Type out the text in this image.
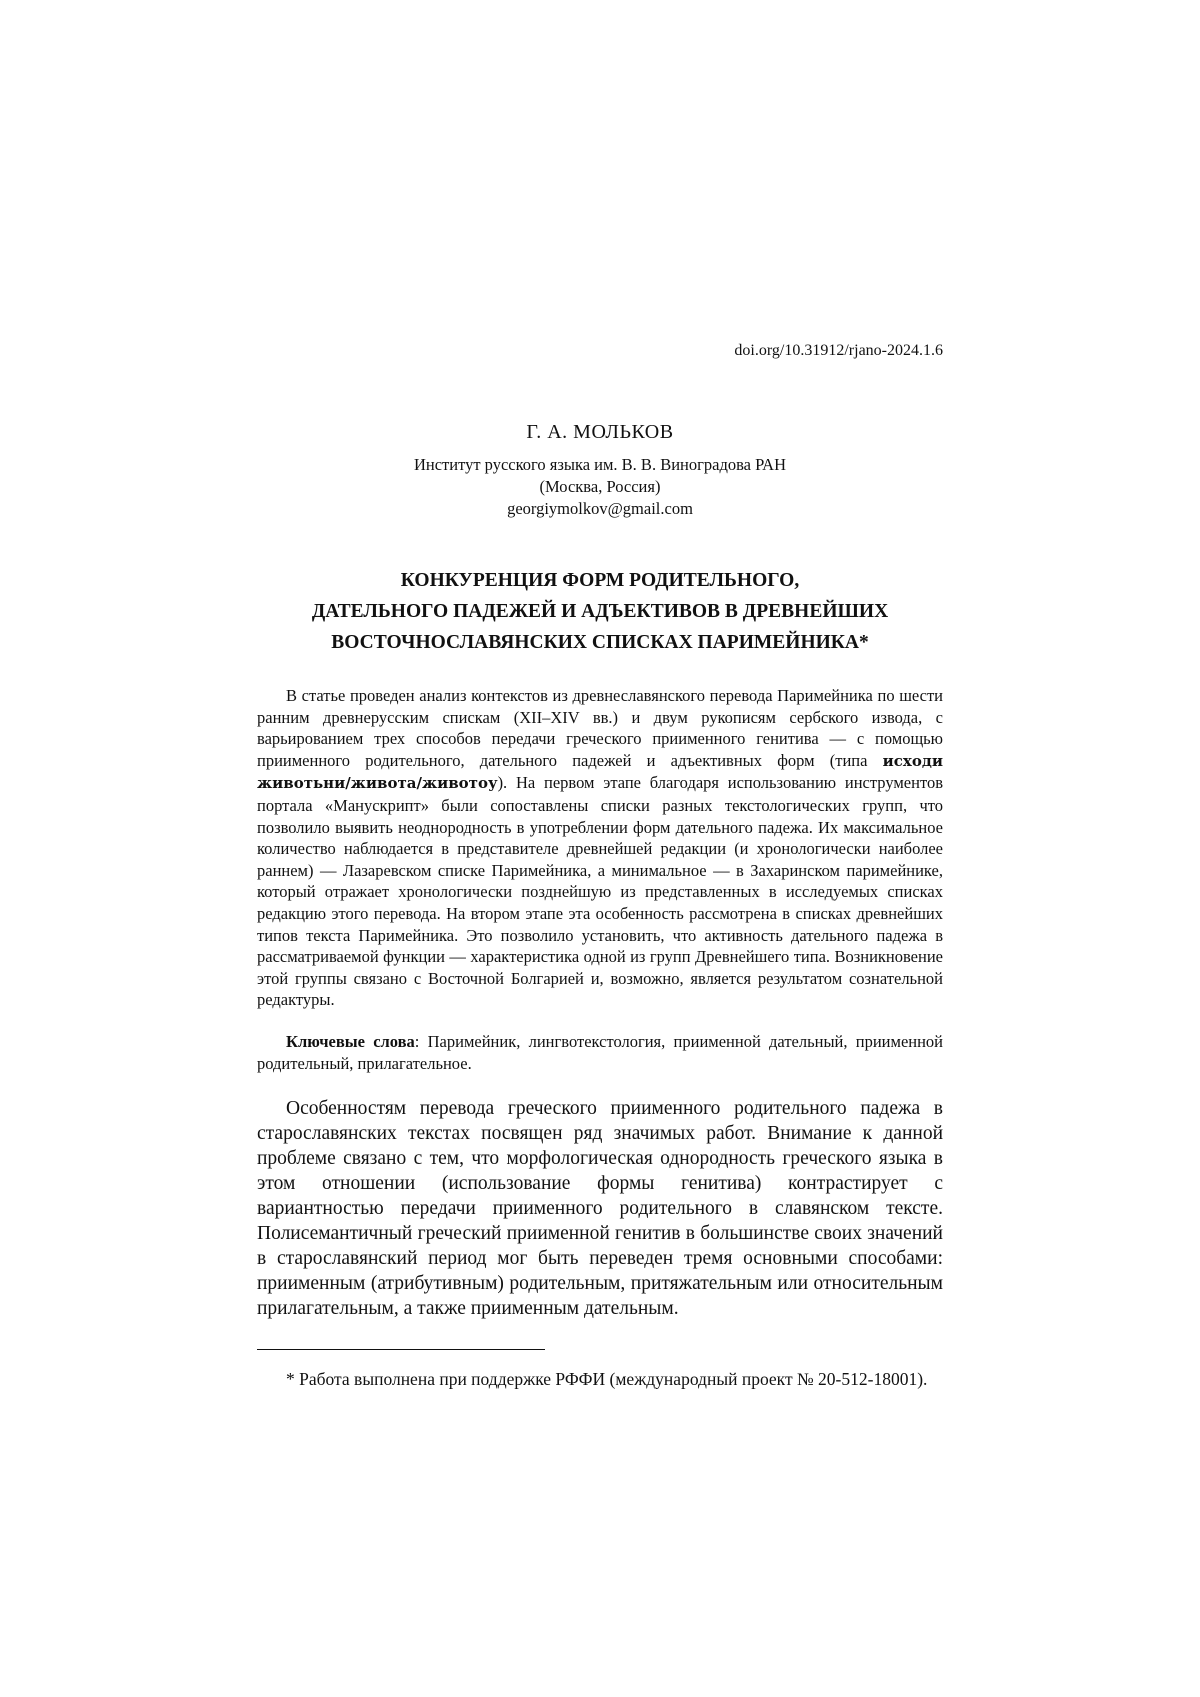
doi.org/10.31912/rjano-2024.1.6
Г. А. МОЛЬКОВ
Институт русского языка им. В. В. Виноградова РАН
(Москва, Россия)
georgiymolkov@gmail.com
КОНКУРЕНЦИЯ ФОРМ РОДИТЕЛЬНОГО,
ДАТЕЛЬНОГО ПАДЕЖЕЙ И АДЪЕКТИВОВ В ДРЕВНЕЙШИХ
ВОСТОЧНОСЛАВЯНСКИХ СПИСКАХ ПАРИМЕЙНИКА*

В статье проведен анализ контекстов из древнеславянского перевода Паримейника по шести ранним древнерусским спискам (XII–XIV вв.) и двум рукописям сербского извода, с варьированием трех способов передачи греческого приименного генитива — с помощью приименного родительного, дательного падежей и адъективных форм (типа исходи животьни/живота/животоу). На первом этапе благодаря использованию инструментов портала «Манускрипт» были сопоставлены списки разных текстологических групп, что позволило выявить неоднородность в употреблении форм дательного падежа. Их максимальное количество наблюдается в представителе древнейшей редакции (и хронологически наиболее раннем) — Лазаревском списке Паримейника, а минимальное — в Захаринском паримейнике, который отражает хронологически позднейшую из представленных в исследуемых списках редакцию этого перевода. На втором этапе эта особенность рассмотрена в списках древнейших типов текста Паримейника. Это позволило установить, что активность дательного падежа в рассматриваемой функции — характеристика одной из групп Древнейшего типа. Возникновение этой группы связано с Восточной Болгарией и, возможно, является результатом сознательной редактуры.

Ключевые слова: Паримейник, лингвотекстология, приименной дательный, приименной родительный, прилагательное.

Особенностям перевода греческого приименного родительного падежа в старославянских текстах посвящен ряд значимых работ. Внимание к данной проблеме связано с тем, что морфологическая однородность греческого языка в этом отношении (использование формы генитива) контрастирует с вариантностью передачи приименного родительного в славянском тексте. Полисемантичный греческий приименной генитив в большинстве своих значений в старославянский период мог быть переведен тремя основными способами: приименным (атрибутивным) родительным, притяжательным или относительным прилагательным, а также приименным дательным.

* Работа выполнена при поддержке РФФИ (международный проект № 20-512-18001).
